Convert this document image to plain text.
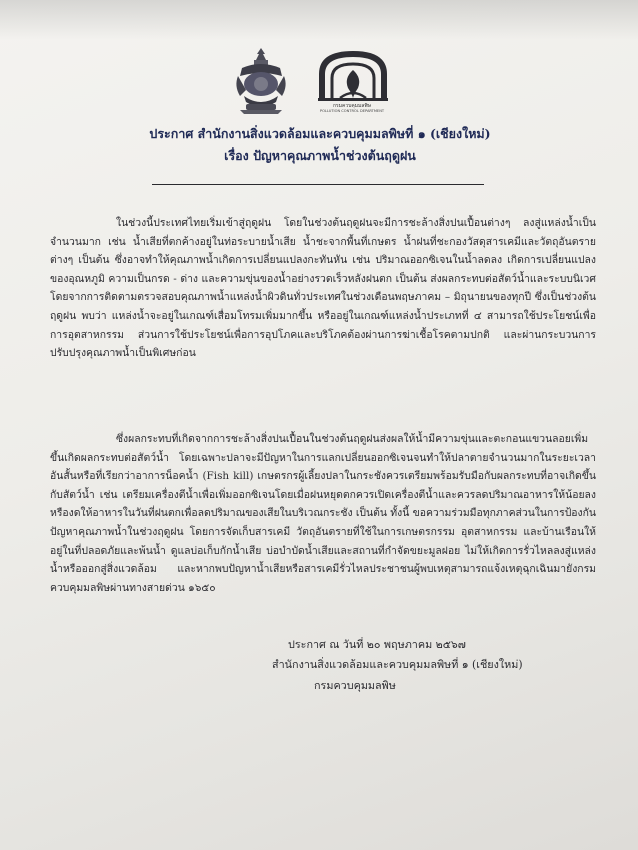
กรมควบคุมมลพิษ
POLLUTION CONTROL DEPARTMENT
ประกาศ สำนักงานสิ่งแวดล้อมและควบคุมมลพิษที่ ๑ (เชียงใหม่)
เรื่อง ปัญหาคุณภาพน้ำช่วงต้นฤดูฝน
ในช่วงนี้ประเทศไทยเริ่มเข้าสู่ฤดูฝน โดยในช่วงต้นฤดูฝนจะมีการชะล้างสิ่งปนเปื้อนต่างๆ ลงสู่แหล่งน้ำเป็นจำนวนมาก เช่น น้ำเสียที่ตกค้างอยู่ในท่อระบายน้ำเสีย น้ำชะจากพื้นที่เกษตร น้ำฝนที่ชะกองวัสดุสารเคมีและวัตถุอันตรายต่างๆ เป็นต้น ซึ่งอาจทำให้คุณภาพน้ำเกิดการเปลี่ยนแปลงกะทันหัน เช่น ปริมาณออกซิเจนในน้ำลดลง เกิดการเปลี่ยนแปลงของอุณหภูมิ ความเป็นกรด - ด่าง และความขุ่นของน้ำอย่างรวดเร็วหลังฝนตก เป็นต้น ส่งผลกระทบต่อสัตว์น้ำและระบบนิเวศ โดยจากการติดตามตรวจสอบคุณภาพน้ำแหล่งน้ำผิวดินทั่วประเทศในช่วงเดือนพฤษภาคม – มิถุนายนของทุกปี ซึ่งเป็นช่วงต้นฤดูฝน พบว่า แหล่งน้ำจะอยู่ในเกณฑ์เสื่อมโทรมเพิ่มมากขึ้น หรืออยู่ในเกณฑ์แหล่งน้ำประเภทที่ ๔ สามารถใช้ประโยชน์เพื่อการอุตสาหกรรม ส่วนการใช้ประโยชน์เพื่อการอุปโภคและบริโภคต้องผ่านการฆ่าเชื้อโรคตามปกติ และผ่านกระบวนการปรับปรุงคุณภาพน้ำเป็นพิเศษก่อน
ซึ่งผลกระทบที่เกิดจากการชะล้างสิ่งปนเปื้อนในช่วงต้นฤดูฝนส่งผลให้น้ำมีความขุ่นและตะกอนแขวนลอยเพิ่มขึ้นเกิดผลกระทบต่อสัตว์น้ำ โดยเฉพาะปลาจะมีปัญหาในการแลกเปลี่ยนออกซิเจนจนทำให้ปลาตายจำนวนมากในระยะเวลาอันสั้นหรือที่เรียกว่าอาการน็อคน้ำ (Fish kill) เกษตรกรผู้เลี้ยงปลาในกระชังควรเตรียมพร้อมรับมือกับผลกระทบที่อาจเกิดขึ้นกับสัตว์น้ำ เช่น เตรียมเครื่องตีน้ำเพื่อเพิ่มออกซิเจนโดยเมื่อฝนหยุดตกควรเปิดเครื่องตีน้ำและควรลดปริมาณอาหารให้น้อยลง หรืองดให้อาหารในวันที่ฝนตกเพื่อลดปริมาณของเสียในบริเวณกระชัง เป็นต้น ทั้งนี้ ขอความร่วมมือทุกภาคส่วนในการป้องกันปัญหาคุณภาพน้ำในช่วงฤดูฝน โดยการจัดเก็บสารเคมี วัตถุอันตรายที่ใช้ในการเกษตรกรรม อุตสาหกรรม และบ้านเรือนให้อยู่ในที่ปลอดภัยและพ้นน้ำ ดูแลบ่อเก็บกักน้ำเสีย บ่อบำบัดน้ำเสียและสถานที่กำจัดขยะมูลฝอย ไม่ให้เกิดการรั่วไหลลงสู่แหล่งน้ำหรือออกสู่สิ่งแวดล้อม และหากพบปัญหาน้ำเสียหรือสารเคมีรั่วไหลประชาชนผู้พบเหตุสามารถแจ้งเหตุฉุกเฉินมายังกรมควบคุมมลพิษผ่านทางสายด่วน ๑๖๕๐
ประกาศ ณ วันที่ ๒๐ พฤษภาคม ๒๕๖๗
สำนักงานสิ่งแวดล้อมและควบคุมมลพิษที่ ๑ (เชียงใหม่)
กรมควบคุมมลพิษ
